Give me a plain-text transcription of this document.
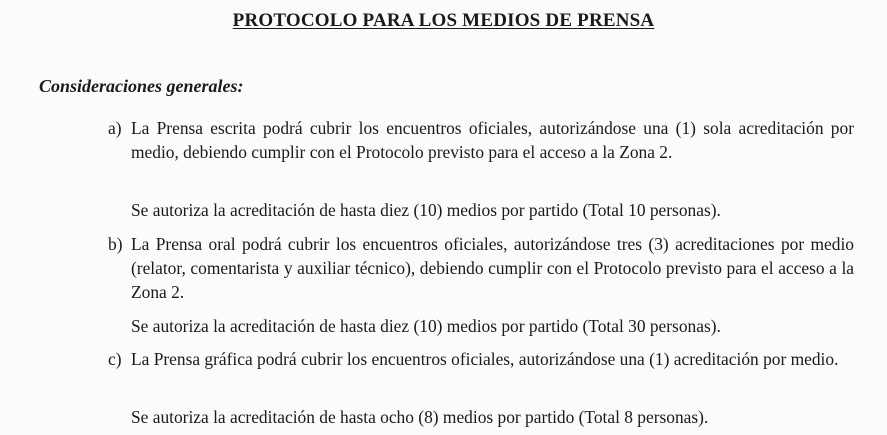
PROTOCOLO PARA LOS MEDIOS DE PRENSA
Consideraciones generales:
a) La Prensa escrita podrá cubrir los encuentros oficiales, autorizándose una (1) sola acreditación por medio, debiendo cumplir con el Protocolo previsto para el acceso a la Zona 2.
Se autoriza la acreditación de hasta diez (10) medios por partido (Total 10 personas).
b) La Prensa oral podrá cubrir los encuentros oficiales, autorizándose tres (3) acreditaciones por medio (relator, comentarista y auxiliar técnico), debiendo cumplir con el Protocolo previsto para el acceso a la Zona 2.
Se autoriza la acreditación de hasta diez (10) medios por partido (Total 30 personas).
c) La Prensa gráfica podrá cubrir los encuentros oficiales, autorizándose una (1) acreditación por medio.
Se autoriza la acreditación de hasta ocho (8) medios por partido (Total 8 personas).
